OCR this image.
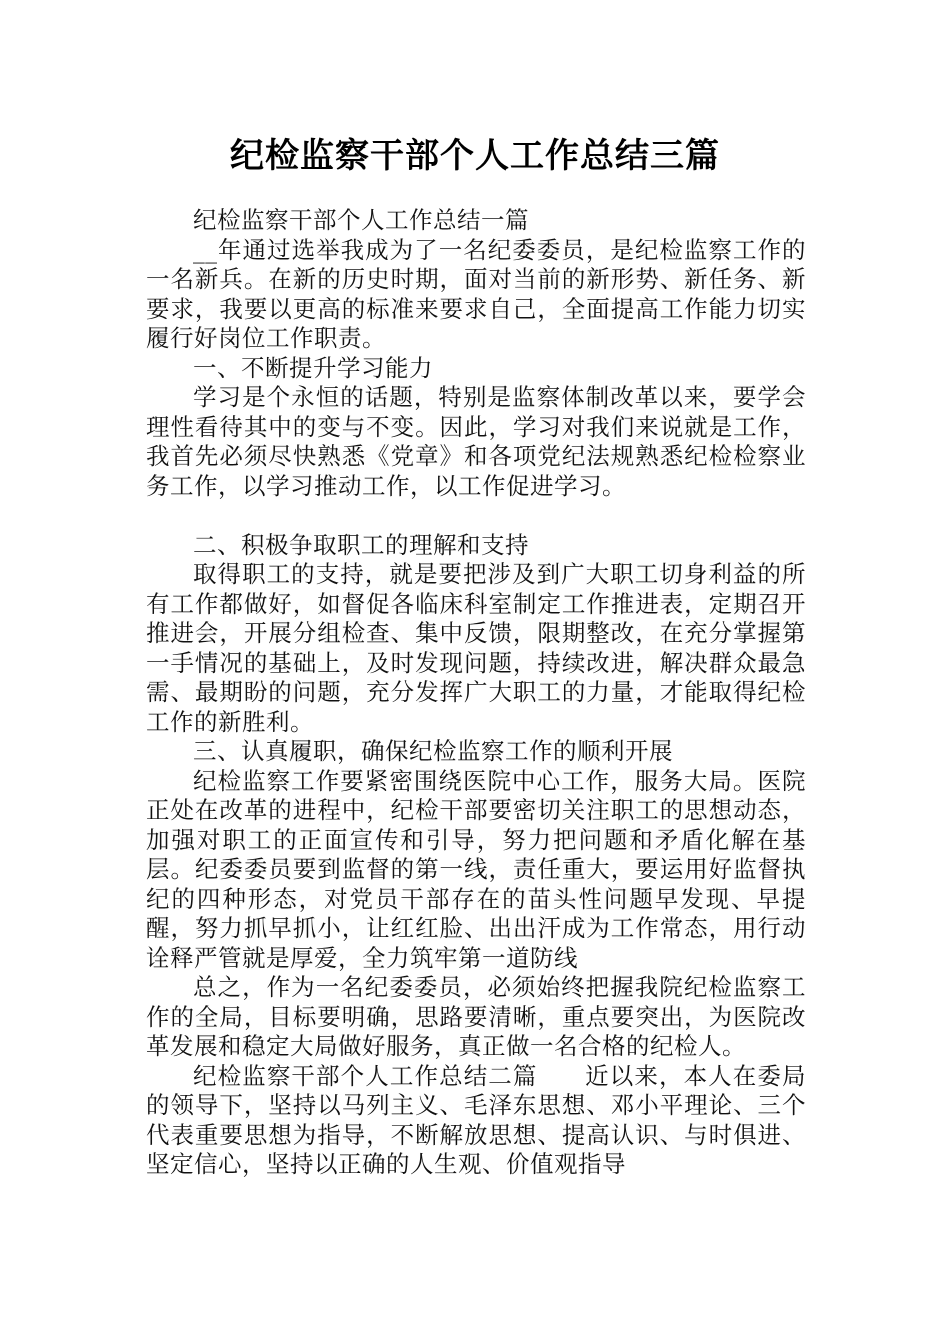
纪检监察干部个人工作总结三篇

纪检监察干部个人工作总结一篇

__年通过选举我成为了一名纪委委员，是纪检监察工作的一名新兵。在新的历史时期，面对当前的新形势、新任务、新要求，我要以更高的标准来要求自己，全面提高工作能力切实履行好岗位工作职责。

一、不断提升学习能力

学习是个永恒的话题，特别是监察体制改革以来，要学会理性看待其中的变与不变。因此，学习对我们来说就是工作，我首先必须尽快熟悉《党章》和各项党纪法规熟悉纪检检察业务工作，以学习推动工作，以工作促进学习。

二、积极争取职工的理解和支持

取得职工的支持，就是要把涉及到广大职工切身利益的所有工作都做好，如督促各临床科室制定工作推进表，定期召开推进会，开展分组检查、集中反馈，限期整改，在充分掌握第一手情况的基础上，及时发现问题，持续改进，解决群众最急需、最期盼的问题，充分发挥广大职工的力量，才能取得纪检工作的新胜利。

三、认真履职，确保纪检监察工作的顺利开展

纪检监察工作要紧密围绕医院中心工作，服务大局。医院正处在改革的进程中，纪检干部要密切关注职工的思想动态，加强对职工的正面宣传和引导，努力把问题和矛盾化解在基层。纪委委员要到监督的第一线，责任重大，要运用好监督执纪的四种形态，对党员干部存在的苗头性问题早发现、早提醒，努力抓早抓小，让红红脸、出出汗成为工作常态，用行动诠释严管就是厚爱，全力筑牢第一道防线

总之，作为一名纪委委员，必须始终把握我院纪检监察工作的全局，目标要明确，思路要清晰，重点要突出，为医院改革发展和稳定大局做好服务，真正做一名合格的纪检人。

纪检监察干部个人工作总结二篇 近以来，本人在委局的领导下，坚持以马列主义、毛泽东思想、邓小平理论、三个代表重要思想为指导，不断解放思想、提高认识、与时俱进、坚定信心，坚持以正确的人生观、价值观指导
